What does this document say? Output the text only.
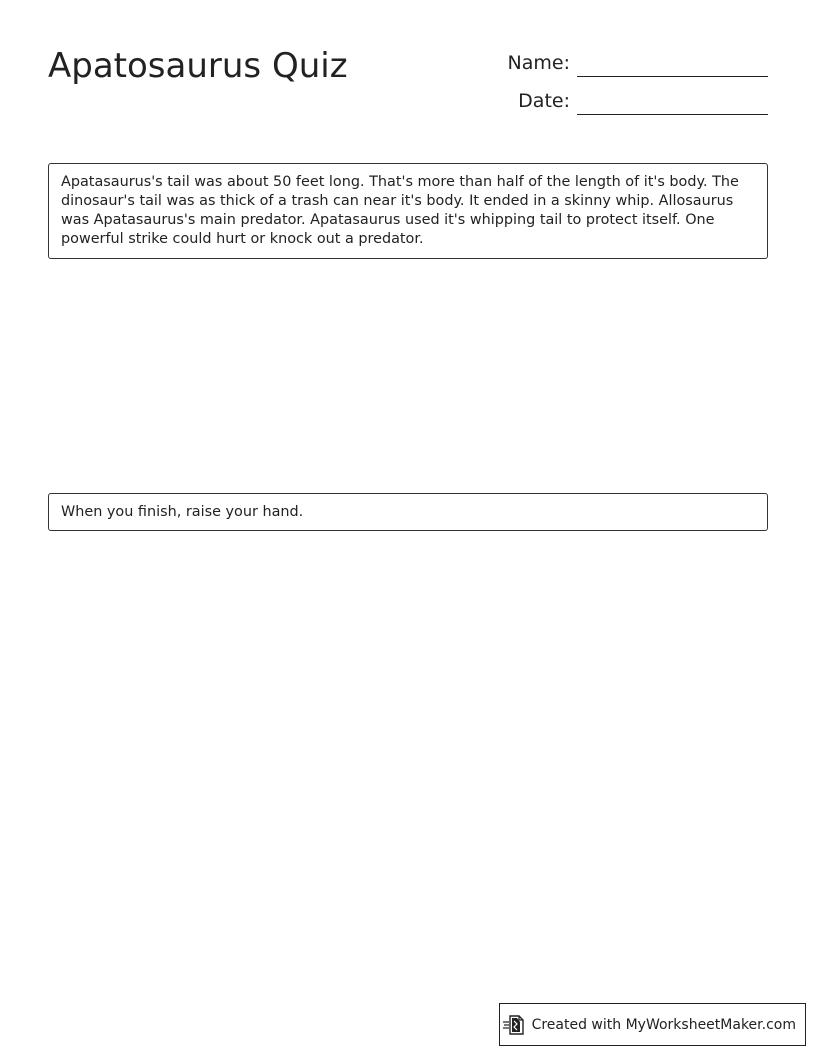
Apatosaurus Quiz	Name:
Date:
Apatasaurus's tail was about 50 feet long. That's more than half of the length of it's body. The dinosaur's tail was as thick of a trash can near it's body. It ended in a skinny whip. Allosaurus was Apatasaurus's main predator. Apatasaurus used it's whipping tail to protect itself. One powerful strike could hurt or knock out a predator.
When you finish, raise your hand.
Created with MyWorksheetMaker.com
